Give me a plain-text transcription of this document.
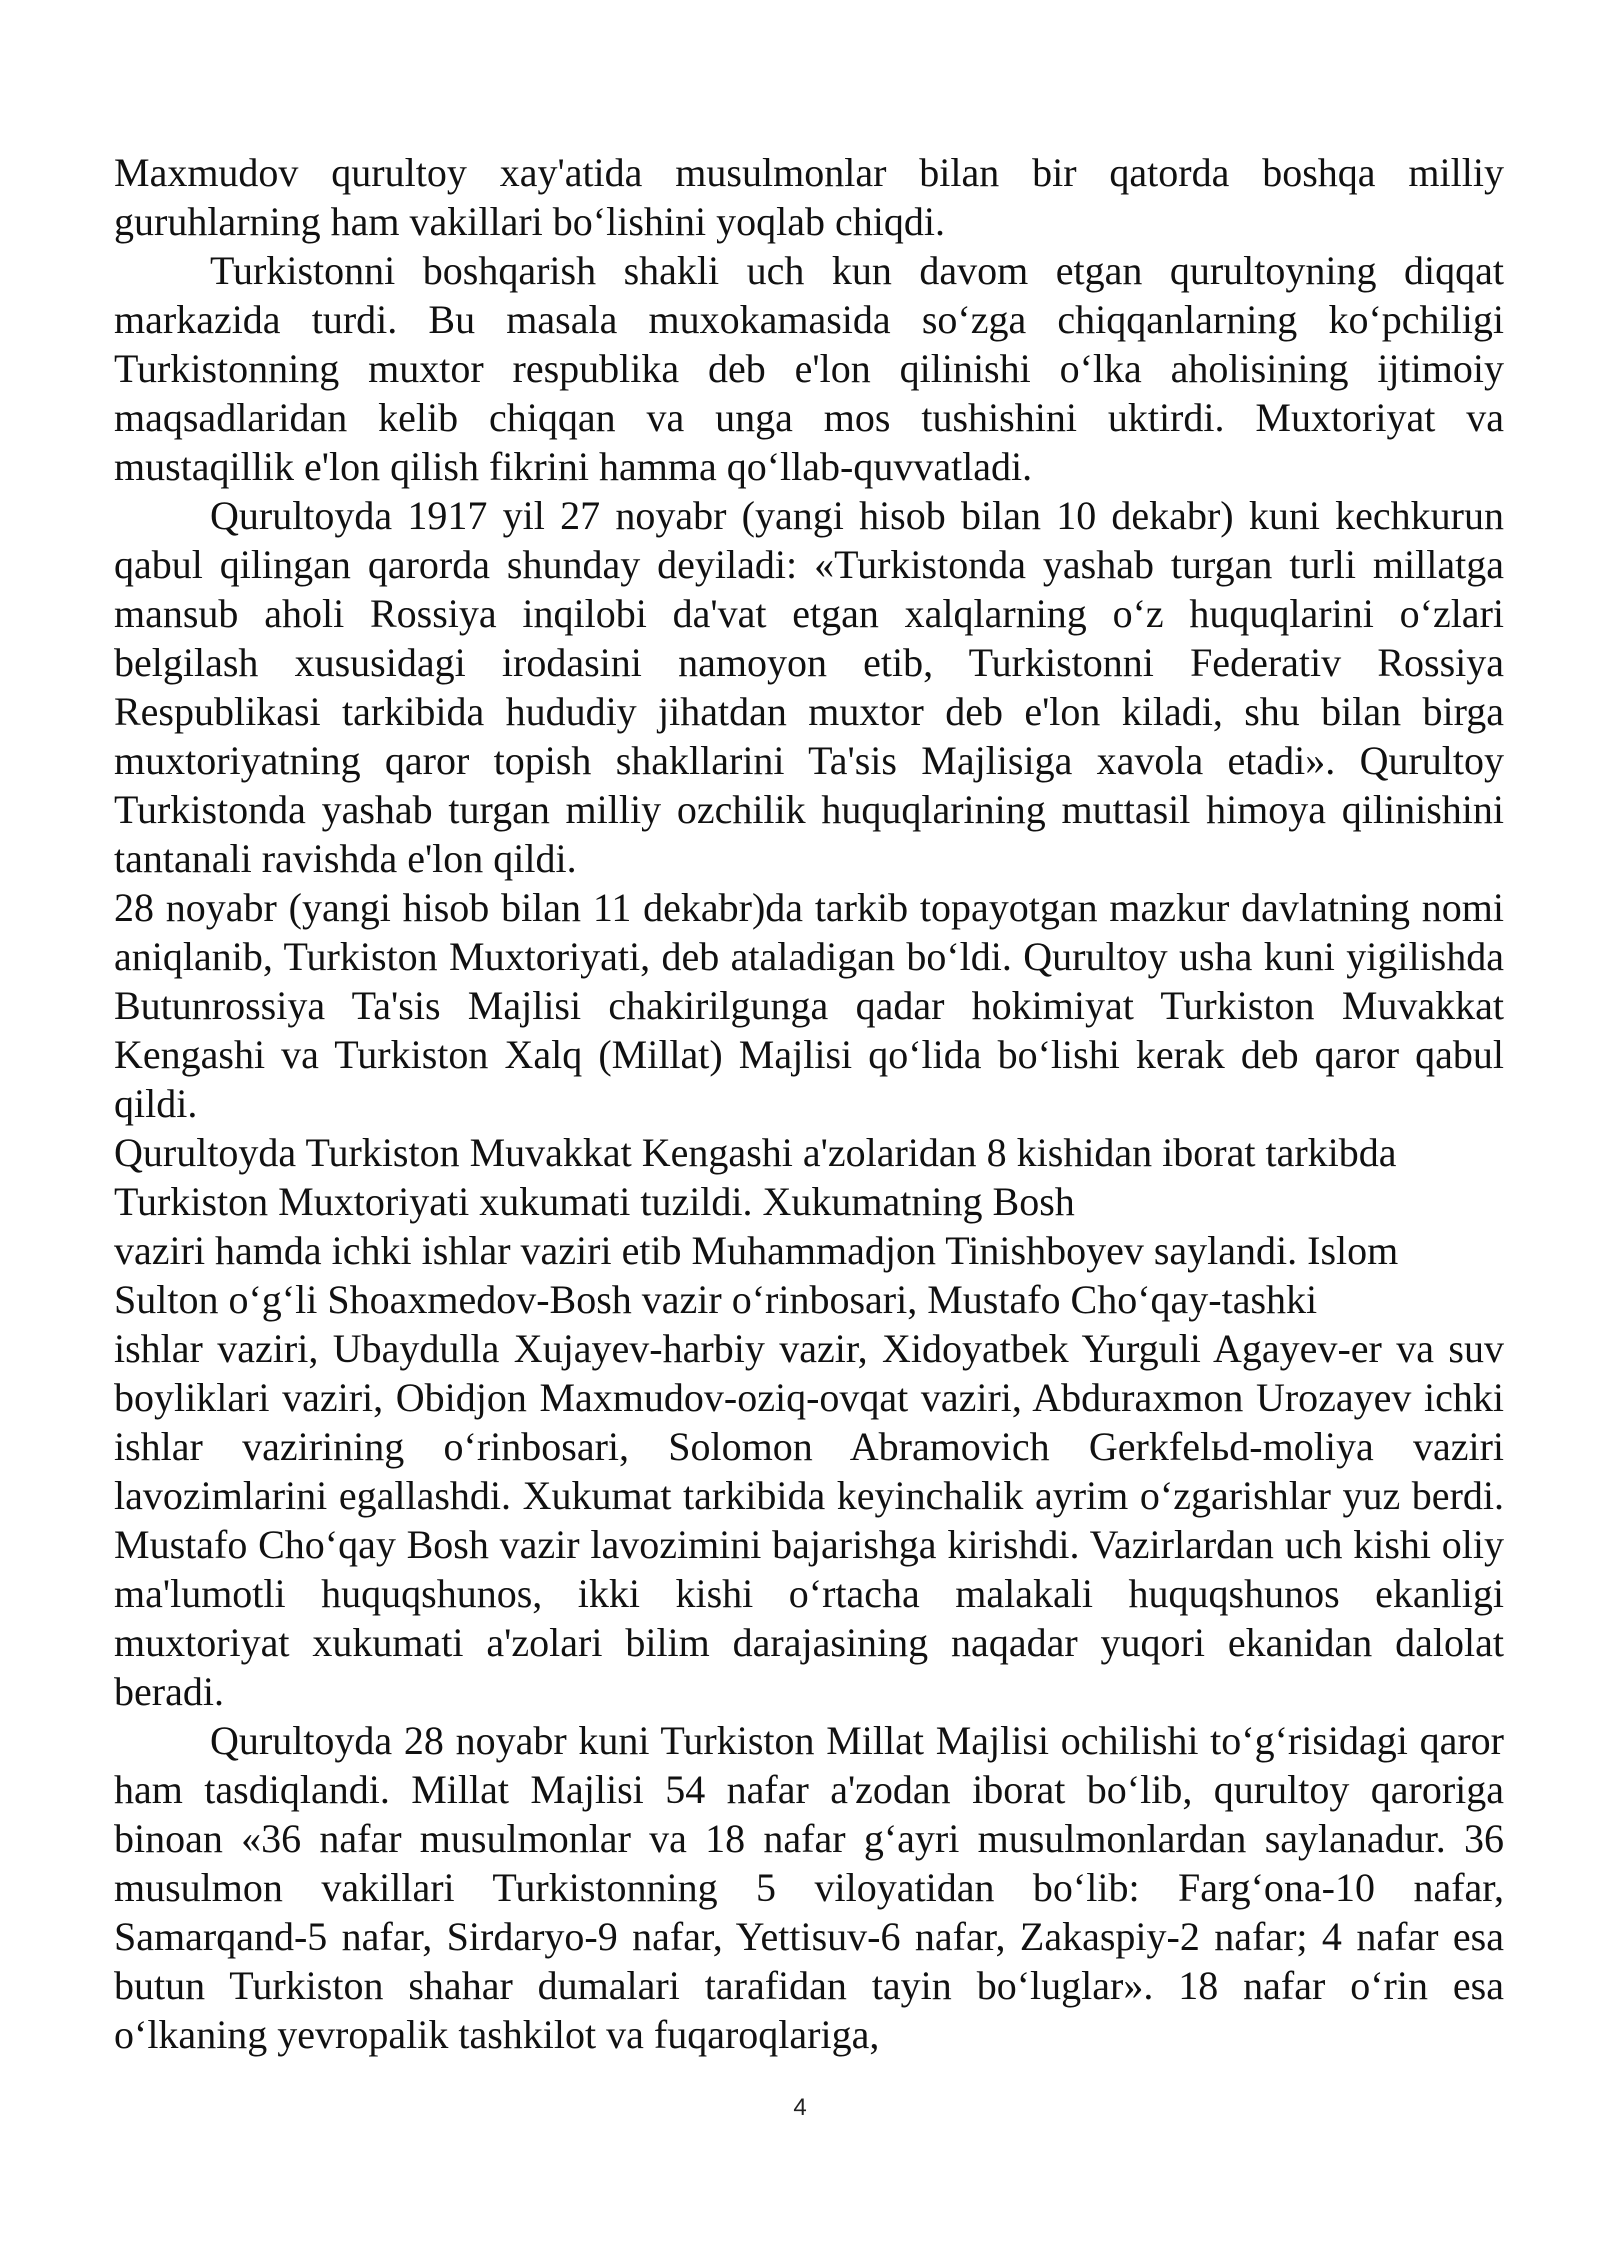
Maxmudov qurultoy xay'atida musulmonlar bilan bir qatorda boshqa milliy guruhlarning ham vakillari bo‘lishini yoqlab chiqdi.

Turkistonni boshqarish shakli uch kun davom etgan qurultoyning diqqat markazida turdi. Bu masala muxokamasida so‘zga chiqqanlarning ko‘pchiligi Turkistonning muxtor respublika deb e'lon qilinishi o‘lka aholisining ijtimoiy maqsadlaridan kelib chiqqan va unga mos tushishini uktirdi. Muxtoriyat va mustaqillik e'lon qilish fikrini hamma qo‘llab-quvvatladi.

Qurultoyda 1917 yil 27 noyabr (yangi hisob bilan 10 dekabr) kuni kechkurun qabul qilingan qarorda shunday deyiladi: «Turkistonda yashab turgan turli millatga mansub aholi Rossiya inqilobi da'vat etgan xalqlarning o‘z huquqlarini o‘zlari belgilash xususidagi irodasini namoyon etib, Turkistonni Federativ Rossiya Respublikasi tarkibida hududiy jihatdan muxtor deb e'lon kiladi, shu bilan birga muxtoriyatning qaror topish shakllarini Ta'sis Majlisiga xavola etadi». Qurultoy Turkistonda yashab turgan milliy ozchilik huquqlarining muttasil himoya qilinishini tantanali ravishda e'lon qildi.

28 noyabr (yangi hisob bilan 11 dekabr)da tarkib topayotgan mazkur davlatning nomi aniqlanib, Turkiston Muxtoriyati, deb ataladigan bo‘ldi. Qurultoy usha kuni yigilishda Butunrossiya Ta'sis Majlisi chakirilgunga qadar hokimiyat Turkiston Muvakkat Kengashi va Turkiston Xalq (Millat) Majlisi qo‘lida bo‘lishi kerak deb qaror qabul qildi.

Qurultoyda Turkiston Muvakkat Kengashi a'zolaridan 8 kishidan iborat tarkibda Turkiston Muxtoriyati xukumati tuzildi. Xukumatning Bosh

vaziri hamda ichki ishlar vaziri etib Muhammadjon Tinishboyev saylandi. Islom Sulton o‘g‘li Shoaxmedov-Bosh vazir o‘rinbosari, Mustafo Cho‘qay-tashki

ishlar vaziri, Ubaydulla Xujayev-harbiy vazir, Xidoyatbek Yurguli Agayev-er va suv boyliklari vaziri, Obidjon Maxmudov-oziq-ovqat vaziri, Abduraxmon Urozayev ichki ishlar vazirining o‘rinbosari, Solomon Abramovich Gerkfelьd-moliya vaziri lavozimlarini egallashdi. Xukumat tarkibida keyinchalik ayrim o‘zgarishlar yuz berdi. Mustafo Cho‘qay Bosh vazir lavozimini bajarishga kirishdi. Vazirlardan uch kishi oliy ma'lumotli huquqshunos, ikki kishi o‘rtacha malakali huquqshunos ekanligi muxtoriyat xukumati a'zolari bilim darajasining naqadar yuqori ekanidan dalolat beradi.

Qurultoyda 28 noyabr kuni Turkiston Millat Majlisi ochilishi to‘g‘risidagi qaror ham tasdiqlandi. Millat Majlisi 54 nafar a'zodan iborat bo‘lib, qurultoy qaroriga binoan «36 nafar musulmonlar va 18 nafar g‘ayri musulmonlardan saylanadur. 36 musulmon vakillari Turkistonning 5 viloyatidan bo‘lib: Farg‘ona-10 nafar, Samarqand-5 nafar, Sirdaryo-9 nafar, Yettisuv-6 nafar, Zakaspiy-2 nafar; 4 nafar esa butun Turkiston shahar dumalari tarafidan tayin bo‘luglar». 18 nafar o‘rin esa o‘lkaning yevropalik tashkilot va fuqaroqlariga,

4
